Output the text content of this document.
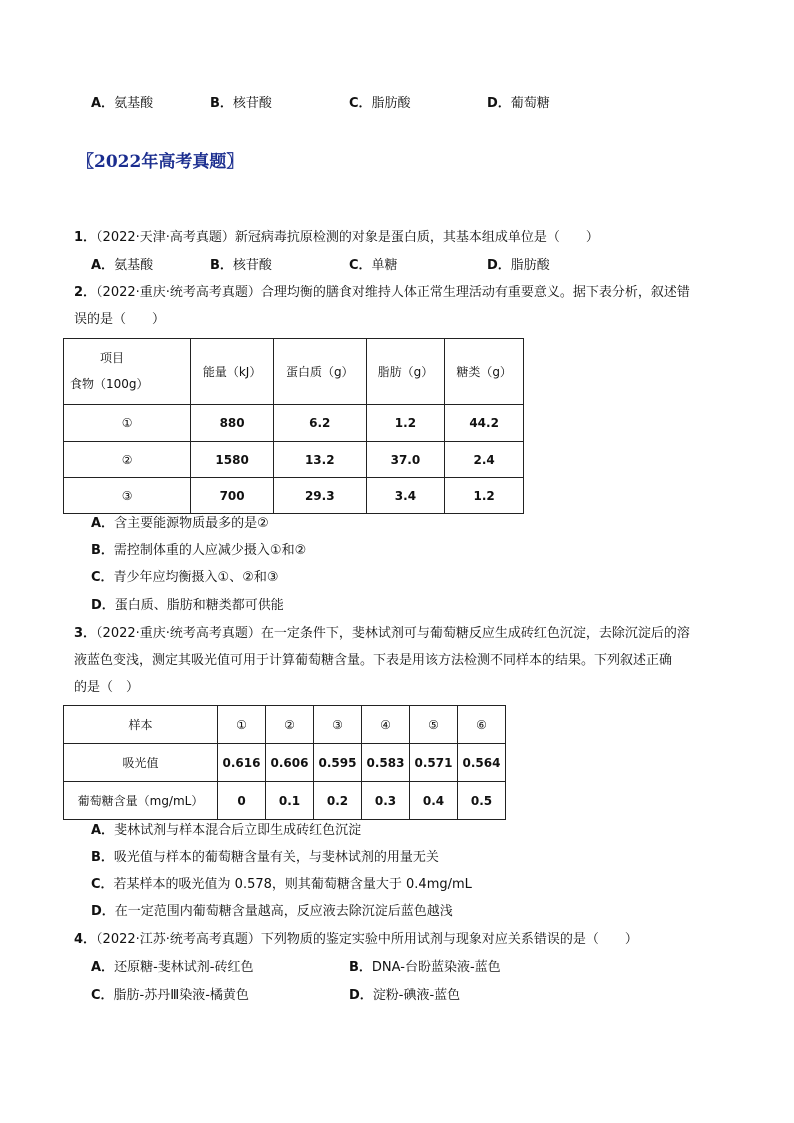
A．氨基酸	B．核苷酸	C．脂肪酸	D．葡萄糖
〖2022年高考真题〗
1．（2022·天津·高考真题）新冠病毒抗原检测的对象是蛋白质，其基本组成单位是（　　）
A．氨基酸	B．核苷酸	C．单糖	D．脂肪酸
2．（2022·重庆·统考高考真题）合理均衡的膳食对维持人体正常生理活动有重要意义。据下表分析，叙述错
误的是（　　）
项目
食物（100g）	能量（kJ）	蛋白质（g）	脂肪（g）	糖类（g）
①	880	6.2	1.2	44.2
②	1580	13.2	37.0	2.4
③	700	29.3	3.4	1.2
A．含主要能源物质最多的是②
B．需控制体重的人应减少摄入①和②
C．青少年应均衡摄入①、②和③
D．蛋白质、脂肪和糖类都可供能
3．（2022·重庆·统考高考真题）在一定条件下，斐林试剂可与葡萄糖反应生成砖红色沉淀，去除沉淀后的溶
液蓝色变浅，测定其吸光值可用于计算葡萄糖含量。下表是用该方法检测不同样本的结果。下列叙述正确
的是（　）
样本	①	②	③	④	⑤	⑥
吸光值	0.616	0.606	0.595	0.583	0.571	0.564
葡萄糖含量（mg/mL）	0	0.1	0.2	0.3	0.4	0.5
A．斐林试剂与样本混合后立即生成砖红色沉淀
B．吸光值与样本的葡萄糖含量有关，与斐林试剂的用量无关
C．若某样本的吸光值为 0.578，则其葡萄糖含量大于 0.4mg/mL
D．在一定范围内葡萄糖含量越高，反应液去除沉淀后蓝色越浅
4．（2022·江苏·统考高考真题）下列物质的鉴定实验中所用试剂与现象对应关系错误的是（　　）
A．还原糖-斐林试剂-砖红色	B．DNA-台盼蓝染液-蓝色
C．脂肪-苏丹Ⅲ染液-橘黄色	D．淀粉-碘液-蓝色
